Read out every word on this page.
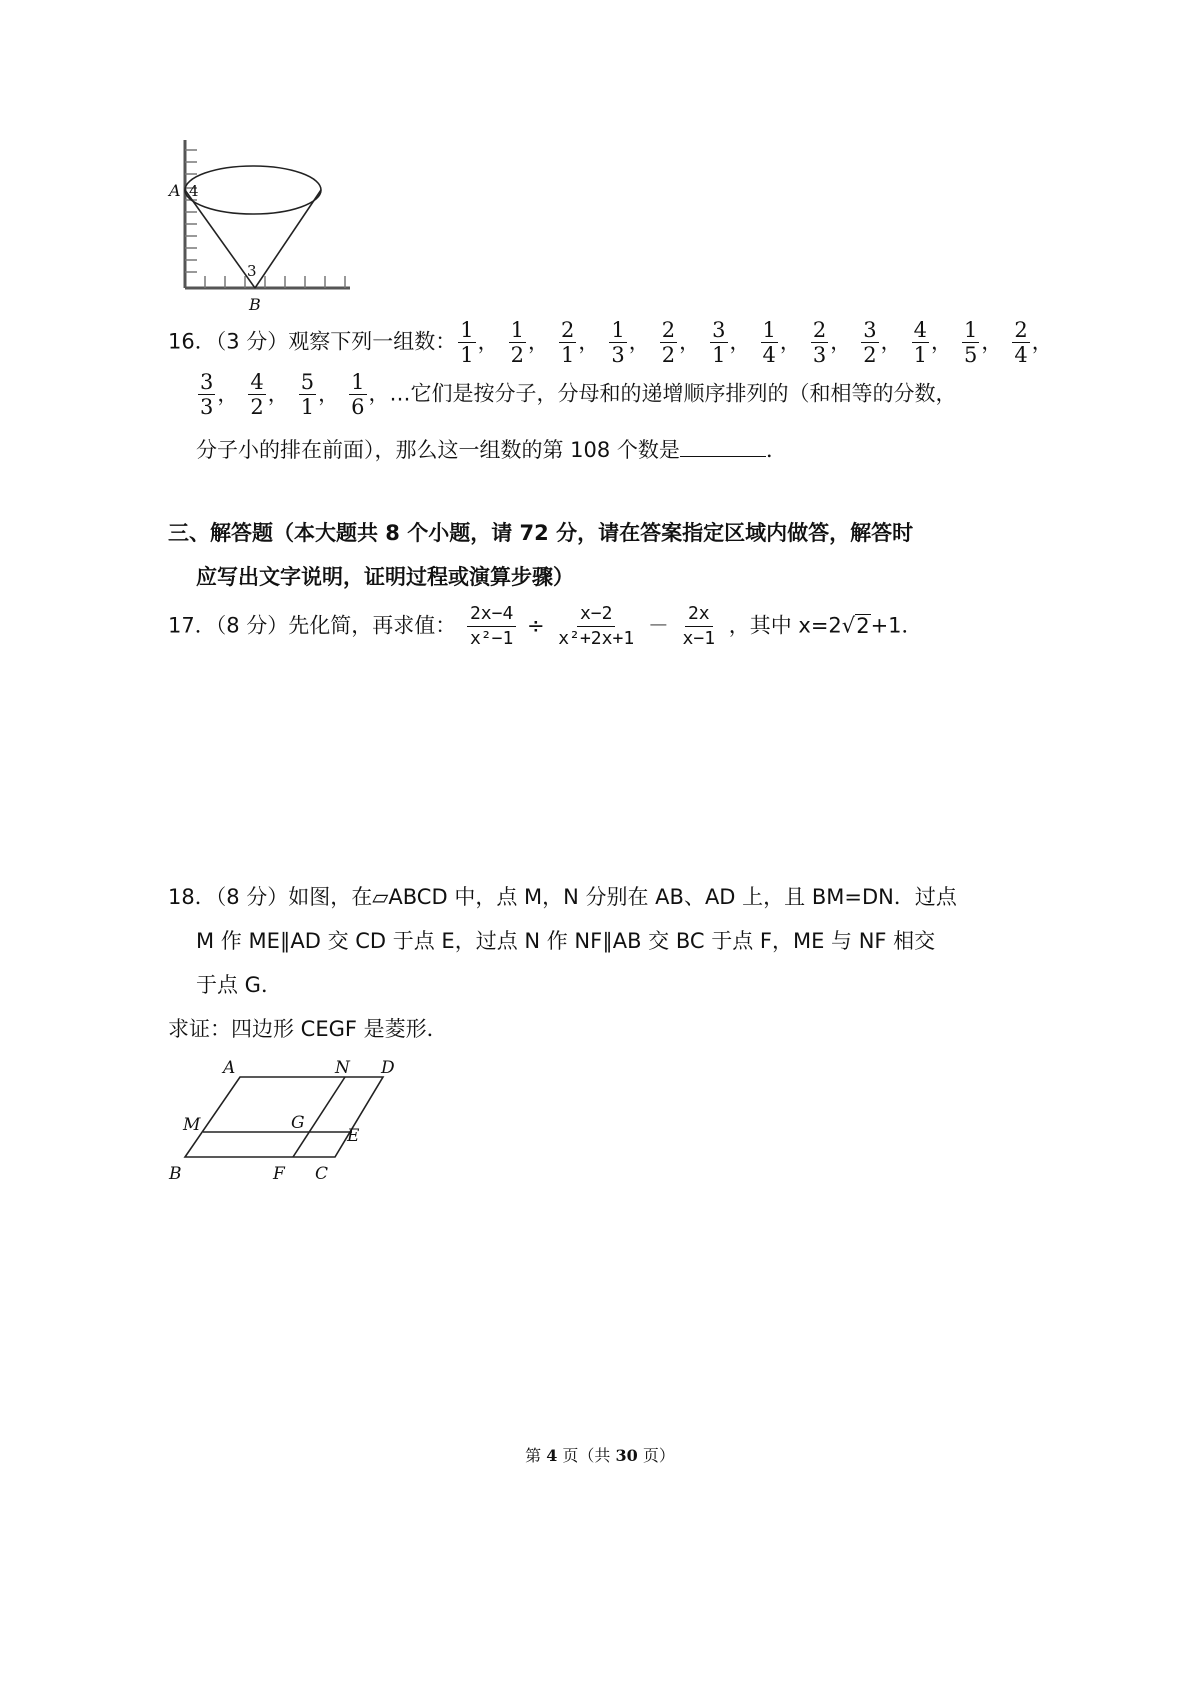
A 4
3
B
16．（3 分）观察下列一组数： $\frac{1}{1}$ ， $\frac{1}{2}$ ， $\frac{2}{1}$ ， $\frac{1}{3}$ ， $\frac{2}{2}$ ， $\frac{3}{1}$ ， $\frac{1}{4}$ ， $\frac{2}{3}$ ， $\frac{3}{2}$ ， $\frac{4}{1}$ ， $\frac{1}{5}$ ， $\frac{2}{4}$ ，
$\frac{3}{3}$ ， $\frac{4}{2}$ ， $\frac{5}{1}$ ， $\frac{1}{6}$ ，…它们是按分子，分母和的递增顺序排列的（和相等的分数，
分子小的排在前面），那么这一组数的第 108 个数是	．
三、解答题（本大题共 8 个小题，请 72 分，请在答案指定区域内做答，解答时
应写出文字说明，证明过程或演算步骤）
17．（8 分）先化简，再求值： $\frac{2x-4}{\text{x²−1}} \div \frac{x-2}{\text{x²+2x+1}} - \frac{2x}{x-1}$ ，其中 x=2√2+1．
18．（8 分）如图，在▱ABCD 中，点 M，N 分别在 AB、AD 上，且 BM=DN．过点
M 作 ME∥AD 交 CD 于点 E，过点 N 作 NF∥AB 交 BC 于点 F，ME 与 NF 相交
于点 G．
求证：四边形 CEGF 是菱形．
A	N D
M	G
E
B	F C
第 4 页（共 30 页）
